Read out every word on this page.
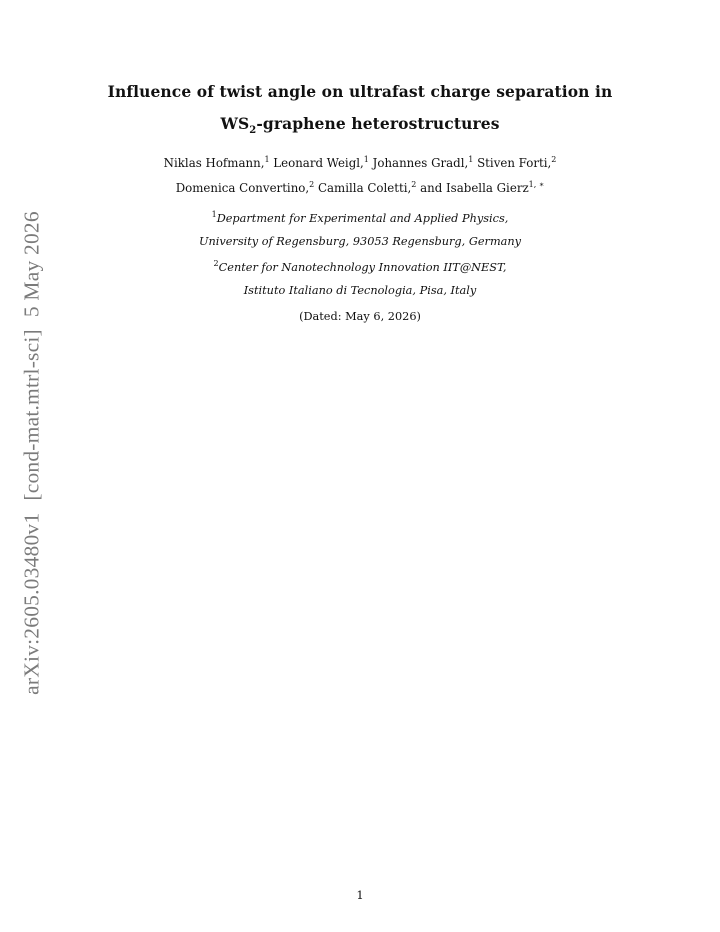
Influence of twist angle on ultrafast charge separation in
$WS_2$-graphene heterostructures
Niklas Hofmann,$^1$ Leonard Weigl,$^1$ Johannes Gradl,$^1$ Stiven Forti,$^2$
Domenica Convertino,$^2$ Camilla Coletti,$^2$ and Isabella Gierz$^{1, ∗}$
$^1$Department for Experimental and Applied Physics,
University of Regensburg, 93053 Regensburg, Germany
$^2$Center for Nanotechnology Innovation IIT@NEST,
Istituto Italiano di Tecnologia, Pisa, Italy
(Dated: May 6, 2026)
arXiv:2605.03480v1[cond-mat.mtrl-sci]5 May 2026
1
